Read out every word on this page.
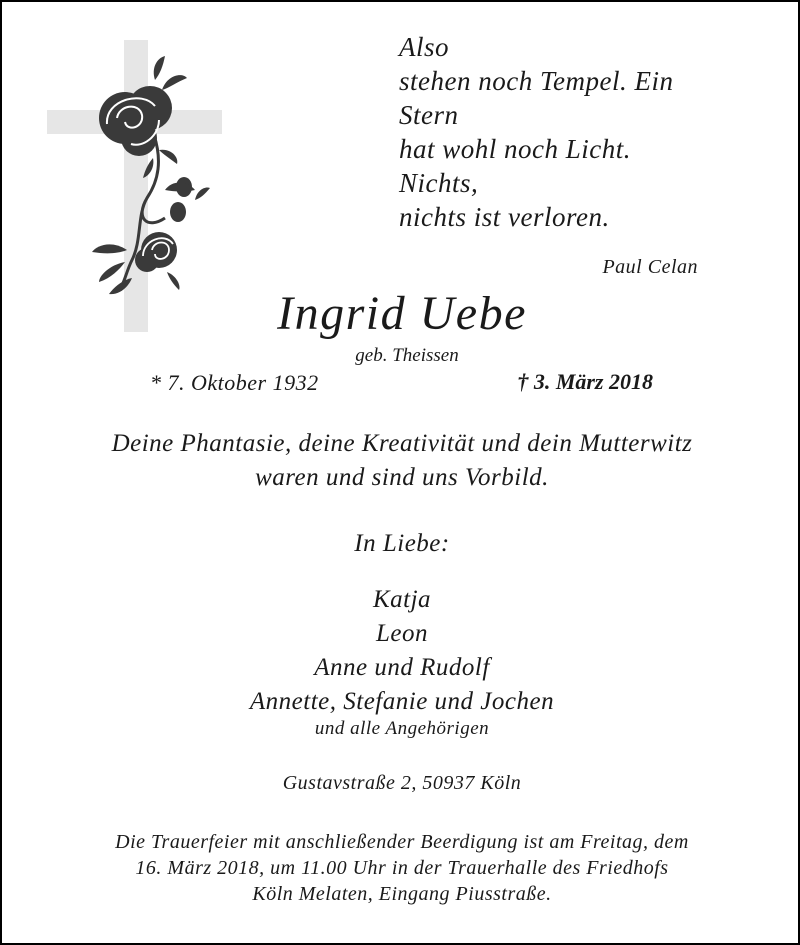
Also
stehen noch Tempel. Ein
Stern
hat wohl noch Licht.
Nichts,
nichts ist verloren.
Paul Celan
Ingrid Uebe
geb. Theissen
* 7. Oktober 1932	† 3. März 2018
Deine Phantasie, deine Kreativität und dein Mutterwitz
waren und sind uns Vorbild.
In Liebe:
Katja
Leon
Anne und Rudolf
Annette, Stefanie und Jochen
und alle Angehörigen
Gustavstraße 2, 50937 Köln
Die Trauerfeier mit anschließender Beerdigung ist am Freitag, dem
16. März 2018, um 11.00 Uhr in der Trauerhalle des Friedhofs
Köln Melaten, Eingang Piusstraße.
